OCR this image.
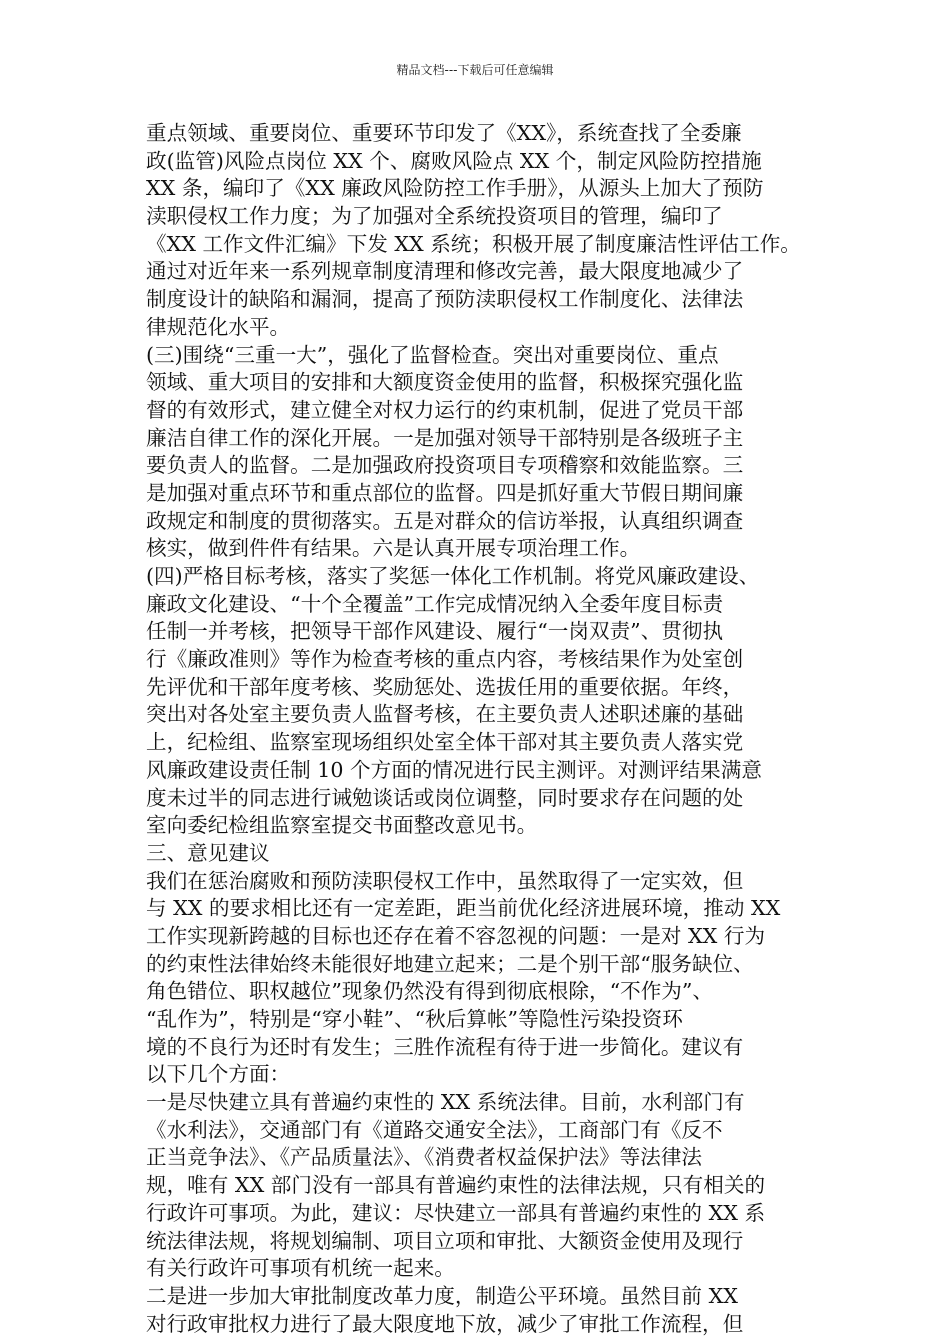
精品文档---下载后可任意编辑
重点领域、重要岗位、重要环节印发了《XX》，系统查找了全委廉
政(监管)风险点岗位 XX 个、腐败风险点 XX 个，制定风险防控措施
XX 条，编印了《XX 廉政风险防控工作手册》，从源头上加大了预防
渎职侵权工作力度；为了加强对全系统投资项目的管理，编印了
《XX 工作文件汇编》下发 XX 系统；积极开展了制度廉洁性评估工作。
通过对近年来一系列规章制度清理和修改完善，最大限度地减少了
制度设计的缺陷和漏洞，提高了预防渎职侵权工作制度化、法律法
律规范化水平。
(三)围绕“三重一大”，强化了监督检查。突出对重要岗位、重点
领域、重大项目的安排和大额度资金使用的监督，积极探究强化监
督的有效形式，建立健全对权力运行的约束机制，促进了党员干部
廉洁自律工作的深化开展。一是加强对领导干部特别是各级班子主
要负责人的监督。二是加强政府投资项目专项稽察和效能监察。三
是加强对重点环节和重点部位的监督。四是抓好重大节假日期间廉
政规定和制度的贯彻落实。五是对群众的信访举报，认真组织调查
核实，做到件件有结果。六是认真开展专项治理工作。
(四)严格目标考核，落实了奖惩一体化工作机制。将党风廉政建设、
廉政文化建设、“十个全覆盖”工作完成情况纳入全委年度目标责
任制一并考核，把领导干部作风建设、履行“一岗双责”、贯彻执
行《廉政准则》等作为检查考核的重点内容，考核结果作为处室创
先评优和干部年度考核、奖励惩处、选拔任用的重要依据。年终，
突出对各处室主要负责人监督考核，在主要负责人述职述廉的基础
上，纪检组、监察室现场组织处室全体干部对其主要负责人落实党
风廉政建设责任制 10 个方面的情况进行民主测评。对测评结果满意
度未过半的同志进行诫勉谈话或岗位调整，同时要求存在问题的处
室向委纪检组监察室提交书面整改意见书。
三、意见建议
我们在惩治腐败和预防渎职侵权工作中，虽然取得了一定实效，但
与 XX 的要求相比还有一定差距，距当前优化经济进展环境，推动 XX
工作实现新跨越的目标也还存在着不容忽视的问题：一是对 XX 行为
的约束性法律始终未能很好地建立起来；二是个别干部“服务缺位、
角色错位、职权越位”现象仍然没有得到彻底根除，“不作为”、
“乱作为”，特别是“穿小鞋”、“秋后算帐”等隐性污染投资环
境的不良行为还时有发生；三胜作流程有待于进一步简化。建议有
以下几个方面：
一是尽快建立具有普遍约束性的 XX 系统法律。目前，水利部门有
《水利法》，交通部门有《道路交通安全法》，工商部门有《反不
正当竞争法》、《产品质量法》、《消费者权益保护法》等法律法
规，唯有 XX 部门没有一部具有普遍约束性的法律法规，只有相关的
行政许可事项。为此，建议：尽快建立一部具有普遍约束性的 XX 系
统法律法规，将规划编制、项目立项和审批、大额资金使用及现行
有关行政许可事项有机统一起来。
二是进一步加大审批制度改革力度，制造公平环境。虽然目前 XX
对行政审批权力进行了最大限度地下放，减少了审批工作流程，但
